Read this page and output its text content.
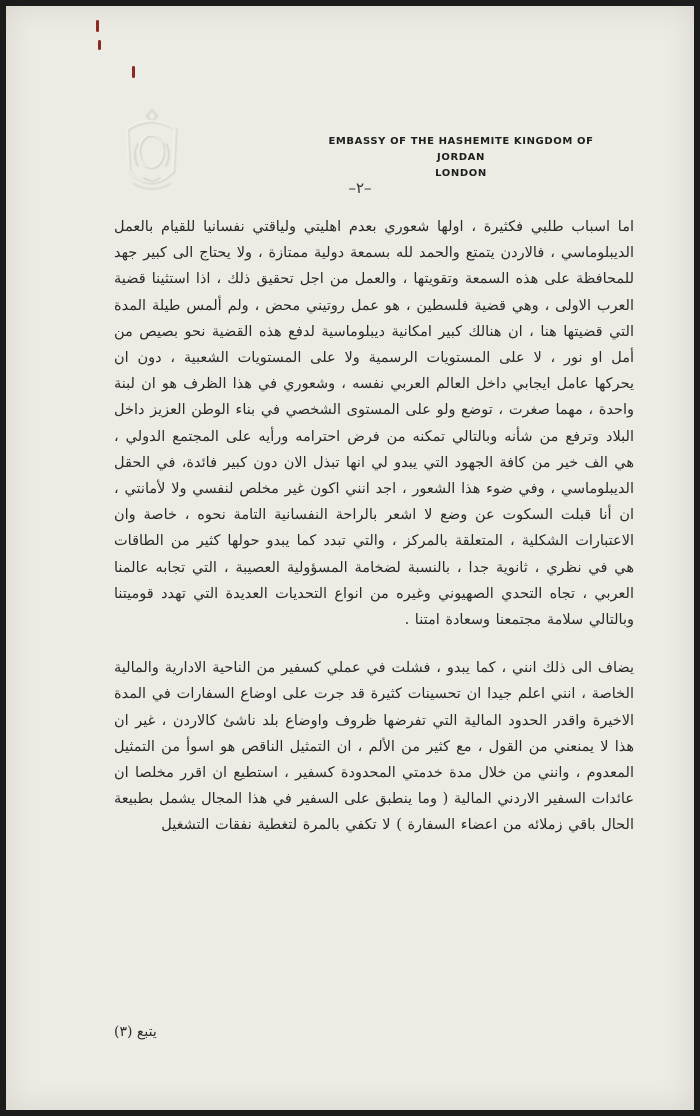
EMBASSY OF THE HASHEMITE KINGDOM OF JORDAN
LONDON
–٢–

اما اسباب طلبي فكثيرة ، اولها شعوري بعدم اهليتي ولياقتي نفسانيا للقيام بالعمل الديبلوماسي ، فالاردن يتمتع والحمد لله بسمعة دولية ممتازة ، ولا يحتاج الى كبير جهد للمحافظة على هذه السمعة وتقويتها ، والعمل من اجل تحقيق ذلك ، اذا استثينا قضية العرب الاولى ، وهي قضية فلسطين ، هو عمل روتيني محض ، ولم ألمس طيلة المدة التي قضيتها هنا ، ان هنالك كبير امكانية ديبلوماسية لدفع هذه القضية نحو بصيص من أمل او نور ، لا على المستويات الرسمية ولا على المستويات الشعبية ، دون ان يحركها عامل ايجابي داخل العالم العربي نفسه ، وشعوري في هذا الظرف هو ان لبنة واحدة ، مهما صغرت ، توضع ولو على المستوى الشخصي في بناء الوطن العزيز داخل البلاد وترفع من شأنه وبالتالي تمكنه من فرض احترامه ورأيه على المجتمع الدولي ، هي الف خير من كافة الجهود التي يبدو لي انها تبذل الان دون كبير فائدة، في الحقل الديبلوماسي ، وفي ضوء هذا الشعور ، اجد انني اكون غير مخلص لنفسي ولا لأمانتي ، ان أنا قبلت السكوت عن وضع لا اشعر بالراحة النفسانية التامة نحوه ، خاصة وان الاعتبارات الشكلية ، المتعلقة بالمركز ، والتي تبدد كما يبدو حولها كثير من الطاقات هي في نظري ، ثانوية جدا ، بالنسبة لضخامة المسؤولية العصيبة ، التي تجابه عالمنا العربي ، تجاه التحدي الصهيوني وغيره من انواع التحديات العديدة التي تهدد قوميتنا وبالتالي سلامة مجتمعنا وسعادة امتنا .

يضاف الى ذلك انني ، كما يبدو ، فشلت في عملي كسفير من الناحية الادارية والمالية الخاصة ، انني اعلم جيدا ان تحسينات كثيرة قد جرت على اوضاع السفارات في المدة الاخيرة واقدر الحدود المالية التي تفرضها ظروف واوضاع بلد ناشئ كالاردن ، غير ان هذا لا يمنعني من القول ، مع كثير من الألم ، ان التمثيل الناقص هو اسوأ من التمثيل المعدوم ، وانني من خلال مدة خدمتي المحدودة كسفير ، استطيع ان اقرر مخلصا ان عائدات السفير الاردني المالية ( وما ينطبق على السفير في هذا المجال يشمل بطبيعة الحال باقي زملائه من اعضاء السفارة ) لا تكفي بالمرة لتغطية نفقات التشغيل

يتبع (٣)
